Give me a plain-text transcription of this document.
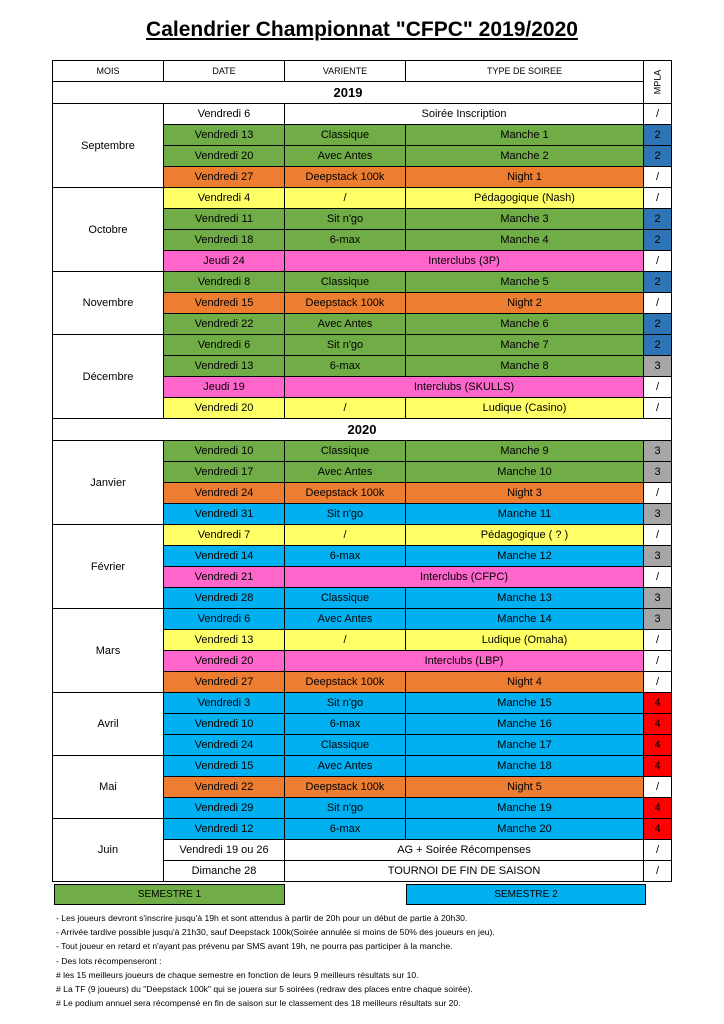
Calendrier Championnat "CFPC" 2019/2020
MOIS	DATE	VARIENTE	TYPE DE SOIREE	MPLA
2019				
Septembre	Vendredi 6	Soirée Inscription		/
	Vendredi 13	Classique	Manche 1	2
	Vendredi 20	Avec Antes	Manche 2	2
	Vendredi 27	Deepstack 100k	Night 1	/
Octobre	Vendredi 4	/	Pédagogique (Nash)	/
	Vendredi 11	Sit n'go	Manche 3	2
	Vendredi 18	6-max	Manche 4	2
	Jeudi 24	Interclubs (3P)		/
Novembre	Vendredi 8	Classique	Manche 5	2
	Vendredi 15	Deepstack 100k	Night 2	/
	Vendredi 22	Avec Antes	Manche 6	2
Décembre	Vendredi 6	Sit n'go	Manche 7	2
	Vendredi 13	6-max	Manche 8	3
	Jeudi 19	Interclubs (SKULLS)		/
	Vendredi 20	/	Ludique (Casino)	/
2020				
Janvier	Vendredi 10	Classique	Manche 9	3
	Vendredi 17	Avec Antes	Manche 10	3
	Vendredi 24	Deepstack 100k	Night 3	/
	Vendredi 31	Sit n'go	Manche 11	3
Février	Vendredi 7	/	Pédagogique ( ? )	/
	Vendredi 14	6-max	Manche 12	3
	Vendredi 21	Interclubs (CFPC)		/
	Vendredi 28	Classique	Manche 13	3
Mars	Vendredi 6	Avec Antes	Manche 14	3
	Vendredi 13	/	Ludique (Omaha)	/
	Vendredi 20	Interclubs (LBP)		/
	Vendredi 27	Deepstack 100k	Night 4	/
Avril	Vendredi 3	Sit n'go	Manche 15	4
	Vendredi 10	6-max	Manche 16	4
	Vendredi 24	Classique	Manche 17	4
Mai	Vendredi 15	Avec Antes	Manche 18	4
	Vendredi 22	Deepstack 100k	Night 5	/
	Vendredi 29	Sit n'go	Manche 19	4
Juin	Vendredi 12	6-max	Manche 20	4
	Vendredi 19 ou 26	AG + Soirée Récompenses		/
	Dimanche 28	TOURNOI DE FIN DE SAISON		/
SEMESTRE 1	SEMESTRE 2
- Les joueurs devront s'inscrire jusqu'à 19h et sont attendus à partir de 20h pour un début de partie à 20h30.
- Arrivée tardive possible jusqu'à 21h30, sauf Deepstack 100k(Soirée annulée si moins de 50% des joueurs en jeu).
- Tout joueur en retard et n'ayant pas prévenu par SMS avant 19h, ne pourra pas participer à la manche.
- Des lots récompenseront :
# les 15 meilleurs joueurs de chaque semestre en fonction de leurs 9 meilleurs résultats sur 10.
# La TF (9 joueurs) du "Deepstack 100k" qui se jouera sur 5 soirées (redraw des places entre chaque soirée).
# Le podium annuel sera récompensé en fin de saison sur le classement des 18 meilleurs résultats sur 20.
